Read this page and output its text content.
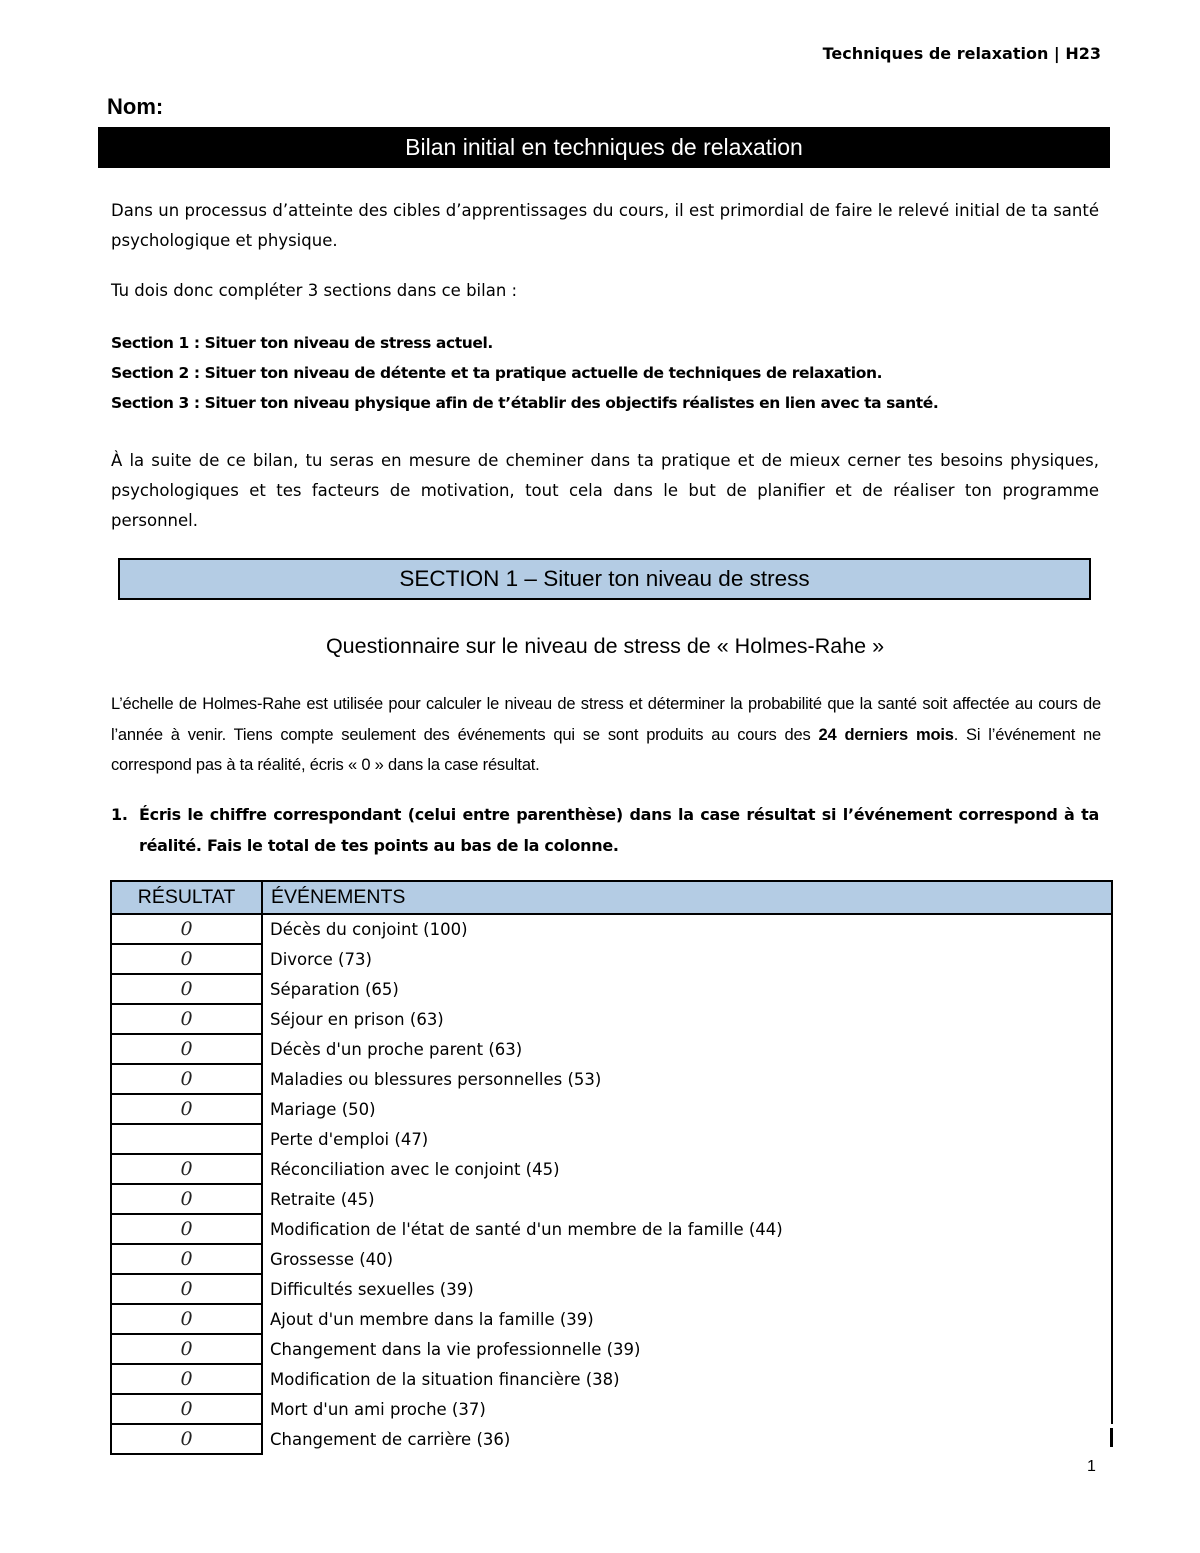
Techniques de relaxation | H23
Nom:
Bilan initial en techniques de relaxation
Dans un processus d’atteinte des cibles d’apprentissages du cours, il est primordial de faire le relevé initial de ta santé psychologique et physique.
Tu dois donc compléter 3 sections dans ce bilan :
Section 1 : Situer ton niveau de stress actuel.
Section 2 : Situer ton niveau de détente et ta pratique actuelle de techniques de relaxation.
Section 3 : Situer ton niveau physique afin de t’établir des objectifs réalistes en lien avec ta santé.
À la suite de ce bilan, tu seras en mesure de cheminer dans ta pratique et de mieux cerner tes besoins physiques, psychologiques et tes facteurs de motivation, tout cela dans le but de planifier et de réaliser ton programme personnel.
SECTION 1 – Situer ton niveau de stress
Questionnaire sur le niveau de stress de « Holmes-Rahe »
L’échelle de Holmes-Rahe est utilisée pour calculer le niveau de stress et déterminer la probabilité que la santé soit affectée au cours de l’année à venir. Tiens compte seulement des événements qui se sont produits au cours des 24 derniers mois. Si l’événement ne correspond pas à ta réalité, écris « 0 » dans la case résultat.
1. Écris le chiffre correspondant (celui entre parenthèse) dans la case résultat si l’événement correspond à ta réalité. Fais le total de tes points au bas de la colonne.
RÉSULTAT	ÉVÉNEMENTS
0	Décès du conjoint (100)
0	Divorce (73)
0	Séparation (65)
0	Séjour en prison (63)
0	Décès d'un proche parent (63)
0	Maladies ou blessures personnelles (53)
0	Mariage (50)
	Perte d'emploi (47)
0	Réconciliation avec le conjoint (45)
0	Retraite (45)
0	Modification de l'état de santé d'un membre de la famille (44)
0	Grossesse (40)
0	Difficultés sexuelles (39)
0	Ajout d'un membre dans la famille (39)
0	Changement dans la vie professionnelle (39)
0	Modification de la situation financière (38)
0	Mort d'un ami proche (37)
0	Changement de carrière (36)
1
